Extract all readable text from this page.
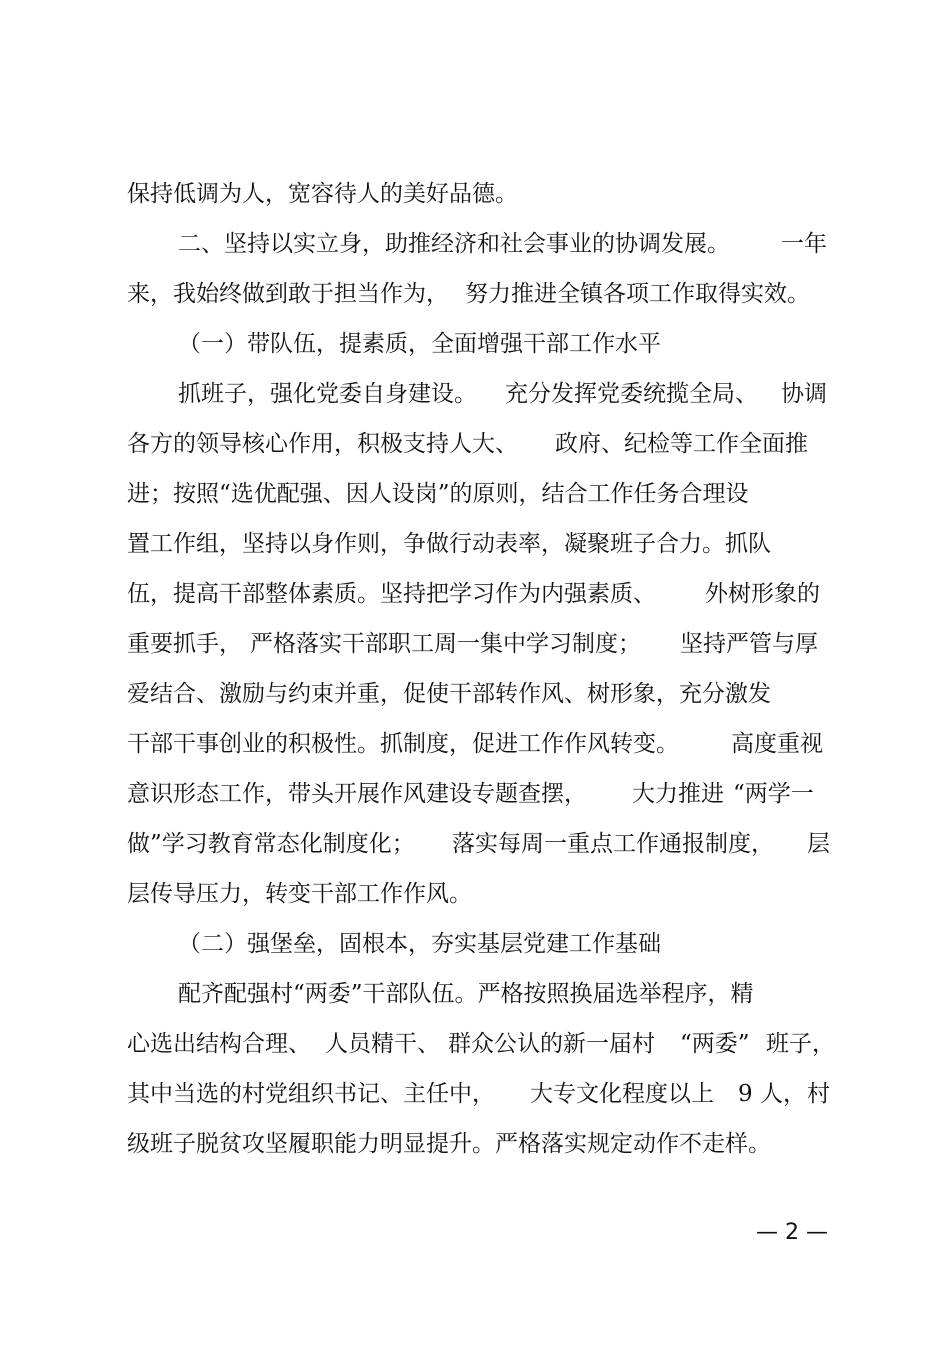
保持低调为人，宽容待人的美好品德。

二、坚持以实立身，助推经济和社会事业的协调发展。

一年

来，我始终做到敢于担当作为，

努力推进全镇各项工作取得实效。

（一）带队伍，提素质，全面增强干部工作水平

抓班子，强化党委自身建设。

充分发挥党委统揽全局、

协调

各方的领导核心作用，积极支持人大、

政府、纪检等工作全面推

进；按照“选优配强、因人设岗”的原则，结合工作任务合理设

置工作组，坚持以身作则，争做行动表率，凝聚班子合力。抓队

伍，提高干部整体素质。坚持把学习作为内强素质、

外树形象的

重要抓手，

严格落实干部职工周一集中学习制度；

坚持严管与厚

爱结合、激励与约束并重，促使干部转作风、树形象，充分激发

干部干事创业的积极性。抓制度，促进工作作风转变。

高度重视

意识形态工作，带头开展作风建设专题查摆，

大力推进

“两学一

做”学习教育常态化制度化；

落实每周一重点工作通报制度，

层

层传导压力，转变干部工作作风。

（二）强堡垒，固根本，夯实基层党建工作基础

配齐配强村“两委”干部队伍。严格按照换届选举程序，精

心选出结构合理、

人员精干、

群众公认的新一届村

“两委”

班子，

其中当选的村党组织书记、主任中，

大专文化程度以上

9 人，

村

级班子脱贫攻坚履职能力明显提升。严格落实规定动作不走样。

— 2 —
